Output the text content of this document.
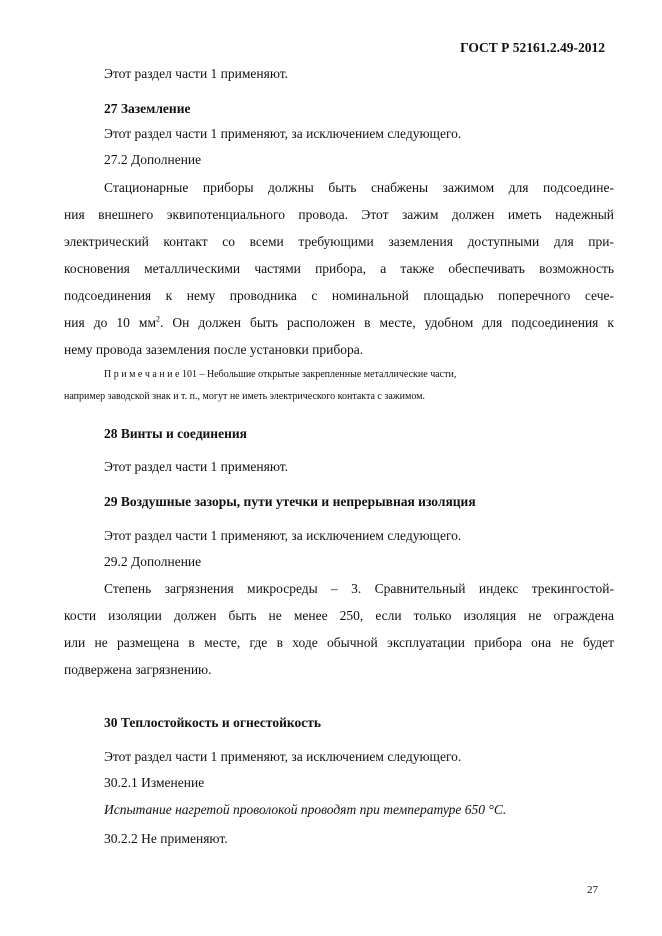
ГОСТ Р 52161.2.49-2012
Этот раздел части 1 применяют.
27 Заземление
Этот раздел части 1 применяют, за исключением следующего.
27.2 Дополнение
Стационарные приборы должны быть снабжены зажимом для подсоедине-
ния внешнего эквипотенциального провода. Этот зажим должен иметь надежный
электрический контакт со всеми требующими заземления доступными для при-
косновения металлическими частями прибора, а также обеспечивать возможность
подсоединения к нему проводника с номинальной площадью поперечного сече-
ния до 10 $мм^2$. Он должен быть расположен в месте, удобном для подсоединения к
нему провода заземления после установки прибора.
П р и м е ч а н и е 101 – Небольшие открытые закрепленные металлические части,
например заводской знак и т. п., могут не иметь электрического контакта с зажимом.
28 Винты и соединения
Этот раздел части 1 применяют.
29 Воздушные зазоры, пути утечки и непрерывная изоляция
Этот раздел части 1 применяют, за исключением следующего.
29.2 Дополнение
Степень загрязнения микросреды – 3. Сравнительный индекс трекингостой-
кости изоляции должен быть не менее 250, если только изоляция не ограждена
или не размещена в месте, где в ходе обычной эксплуатации прибора она не будет
подвержена загрязнению.
30 Теплостойкость и огнестойкость
Этот раздел части 1 применяют, за исключением следующего.
30.2.1 Изменение
Испытание нагретой проволокой проводят при температуре 650 °С.
30.2.2 Не применяют.
27
